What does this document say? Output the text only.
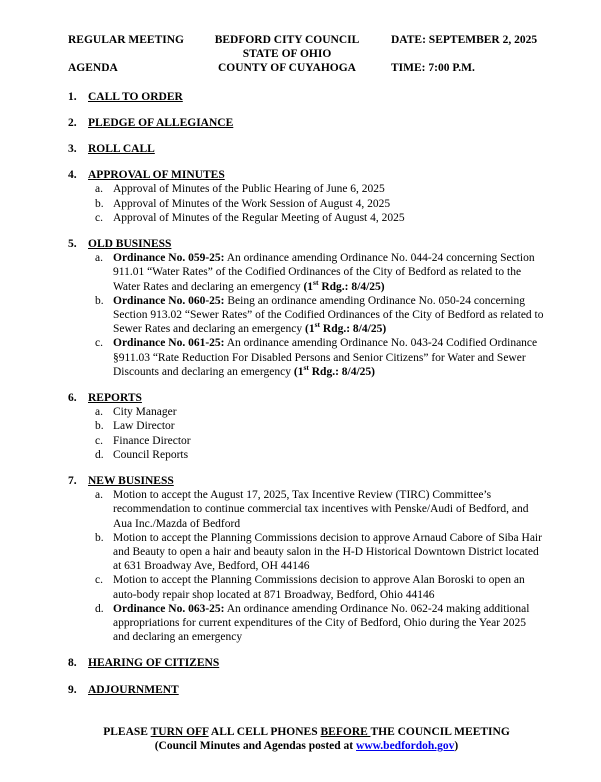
REGULAR MEETING
AGENDA
BEDFORD CITY COUNCIL
STATE OF OHIO
COUNTY OF CUYAHOGA
DATE: SEPTEMBER 2, 2025
TIME: 7:00 P.M.
1. CALL TO ORDER
2. PLEDGE OF ALLEGIANCE
3. ROLL CALL
4. APPROVAL OF MINUTES
a. Approval of Minutes of the Public Hearing of June 6, 2025
b. Approval of Minutes of the Work Session of August 4, 2025
c. Approval of Minutes of the Regular Meeting of August 4, 2025
5. OLD BUSINESS
a. Ordinance No. 059-25: An ordinance amending Ordinance No. 044-24 concerning Section 911.01 “Water Rates” of the Codified Ordinances of the City of Bedford as related to the Water Rates and declaring an emergency (1st Rdg.: 8/4/25)
b. Ordinance No. 060-25: Being an ordinance amending Ordinance No. 050-24 concerning Section 913.02 “Sewer Rates” of the Codified Ordinances of the City of Bedford as related to Sewer Rates and declaring an emergency (1st Rdg.: 8/4/25)
c. Ordinance No. 061-25: An ordinance amending Ordinance No. 043-24 Codified Ordinance §911.03 “Rate Reduction For Disabled Persons and Senior Citizens” for Water and Sewer Discounts and declaring an emergency (1st Rdg.: 8/4/25)
6. REPORTS
a. City Manager
b. Law Director
c. Finance Director
d. Council Reports
7. NEW BUSINESS
a. Motion to accept the August 17, 2025, Tax Incentive Review (TIRC) Committee’s recommendation to continue commercial tax incentives with Penske/Audi of Bedford, and Aua Inc./Mazda of Bedford
b. Motion to accept the Planning Commissions decision to approve Arnaud Cabore of Siba Hair and Beauty to open a hair and beauty salon in the H-D Historical Downtown District located at 631 Broadway Ave, Bedford, OH 44146
c. Motion to accept the Planning Commissions decision to approve Alan Boroski to open an auto-body repair shop located at 871 Broadway, Bedford, Ohio 44146
d. Ordinance No. 063-25: An ordinance amending Ordinance No. 062-24 making additional appropriations for current expenditures of the City of Bedford, Ohio during the Year 2025 and declaring an emergency
8. HEARING OF CITIZENS
9. ADJOURNMENT
PLEASE TURN OFF ALL CELL PHONES BEFORE THE COUNCIL MEETING
(Council Minutes and Agendas posted at www.bedfordoh.gov)
